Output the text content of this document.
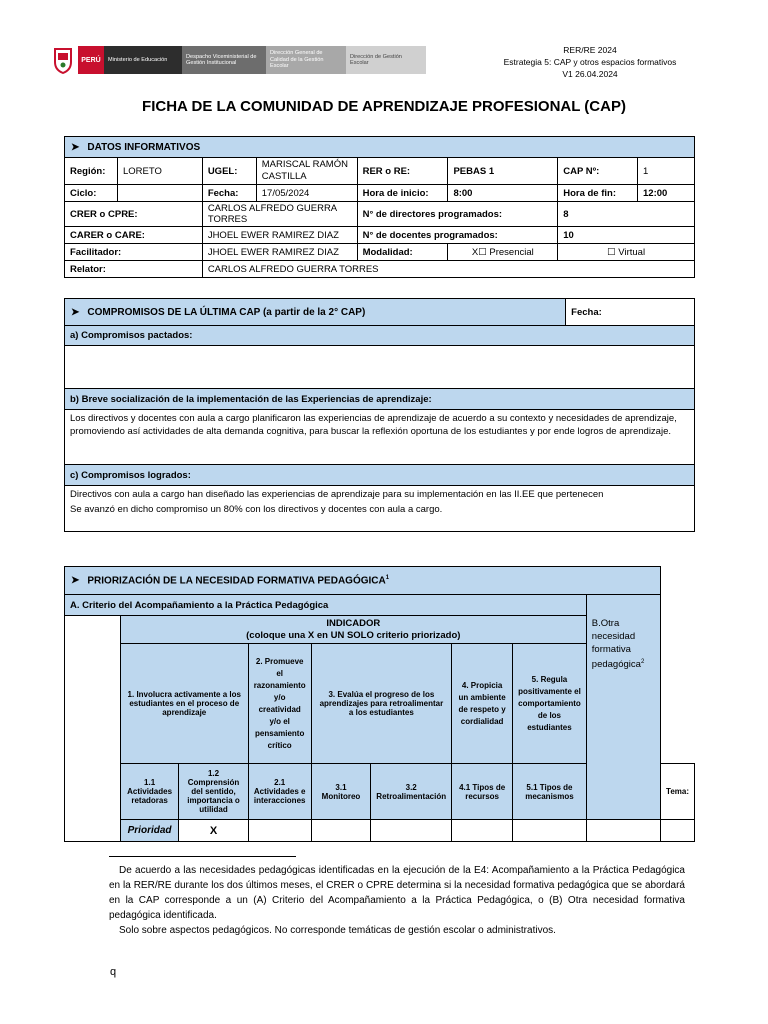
PERÚ	Ministerio de Educación
Despacho Viceministerial de Gestión Institucional
Dirección General de Calidad de la Gestión Escolar
Dirección de Gestión Escolar
RER/RE 2024
Estrategia 5: CAP y otros espacios formativos
V1 26.04.2024
FICHA DE LA COMUNIDAD DE APRENDIZAJE PROFESIONAL (CAP)
➤ DATOS INFORMATIVOS							
Región:	LORETO	UGEL:	MARISCAL RAMÓN CASTILLA	RER o RE:	PEBAS 1	CAP Nº:	1
Ciclo:		Fecha:	17/05/2024	Hora de inicio:	8:00	Hora de fin:	12:00
CRER o CPRE:		CARLOS ALFREDO GUERRA TORRES		N° de directores programados:		8	
CARER o CARE:		JHOEL EWER RAMIREZ DIAZ		N° de docentes programados:		10	
Facilitador:		JHOEL EWER RAMIREZ DIAZ		Modalidad:	X☐ Presencial	☐ Virtual	
Relator:		CARLOS ALFREDO GUERRA TORRES					
➤ COMPROMISOS DE LA ÚLTIMA CAP (a partir de la 2° CAP)	Fecha:
a) Compromisos pactados:

b) Breve socialización de la implementación de las Experiencias de aprendizaje:
Los directivos y docentes con aula a cargo planificaron las experiencias de aprendizaje de acuerdo a su contexto y necesidades de aprendizaje, promoviendo así actividades de alta demanda cognitiva, para buscar la reflexión oportuna de los estudiantes y por ende logros de aprendizaje.
c) Compromisos logrados:

Directivos con aula a cargo han diseñado las experiencias de aprendizaje para su implementación en las II.EE que pertenecen
Se avanzó en dicho compromiso un 80% con los directivos y docentes con aula a cargo.
➤ PRIORIZACIÓN DE LA NECESIDAD FORMATIVA PEDAGÓGICA$^1$
A. Criterio del Acompañamiento a la Práctica Pedagógica								B.Otra necesidad formativa pedagógica$^2$

	INDICADOR
(coloque una X en UN SOLO criterio priorizado)								

	1. Involucra activamente a los estudiantes en el proceso de aprendizaje		2. Promueve el razonamiento y/o creatividad y/o el pensamiento crítico	3. Evalúa el progreso de los aprendizajes para retroalimentar a los estudiantes		4. Propicia un ambiente de respeto y cordialidad	5. Regula positivamente el comportamiento de los estudiantes		
	1.1 Actividades retadoras	1.2 Comprensión del sentido, importancia o utilidad	2.1 Actividades e interacciones	3.1 Monitoreo	3.2 Retroalimentación	4.1 Tipos de recursos	5.1 Tipos de mecanismos		Tema:
	Prioridad	X							
De acuerdo a las necesidades pedagógicas identificadas en la ejecución de la E4: Acompañamiento a la Práctica Pedagógica en la RER/RE durante los dos últimos meses, el CRER o CPRE determina si la necesidad formativa pedagógica que se abordará en la CAP corresponde a un (A) Criterio del Acompañamiento a la Práctica Pedagógica, o (B) Otra necesidad formativa pedagógica identificada.
Solo sobre aspectos pedagógicos. No corresponde temáticas de gestión escolar o administrativos.
q
